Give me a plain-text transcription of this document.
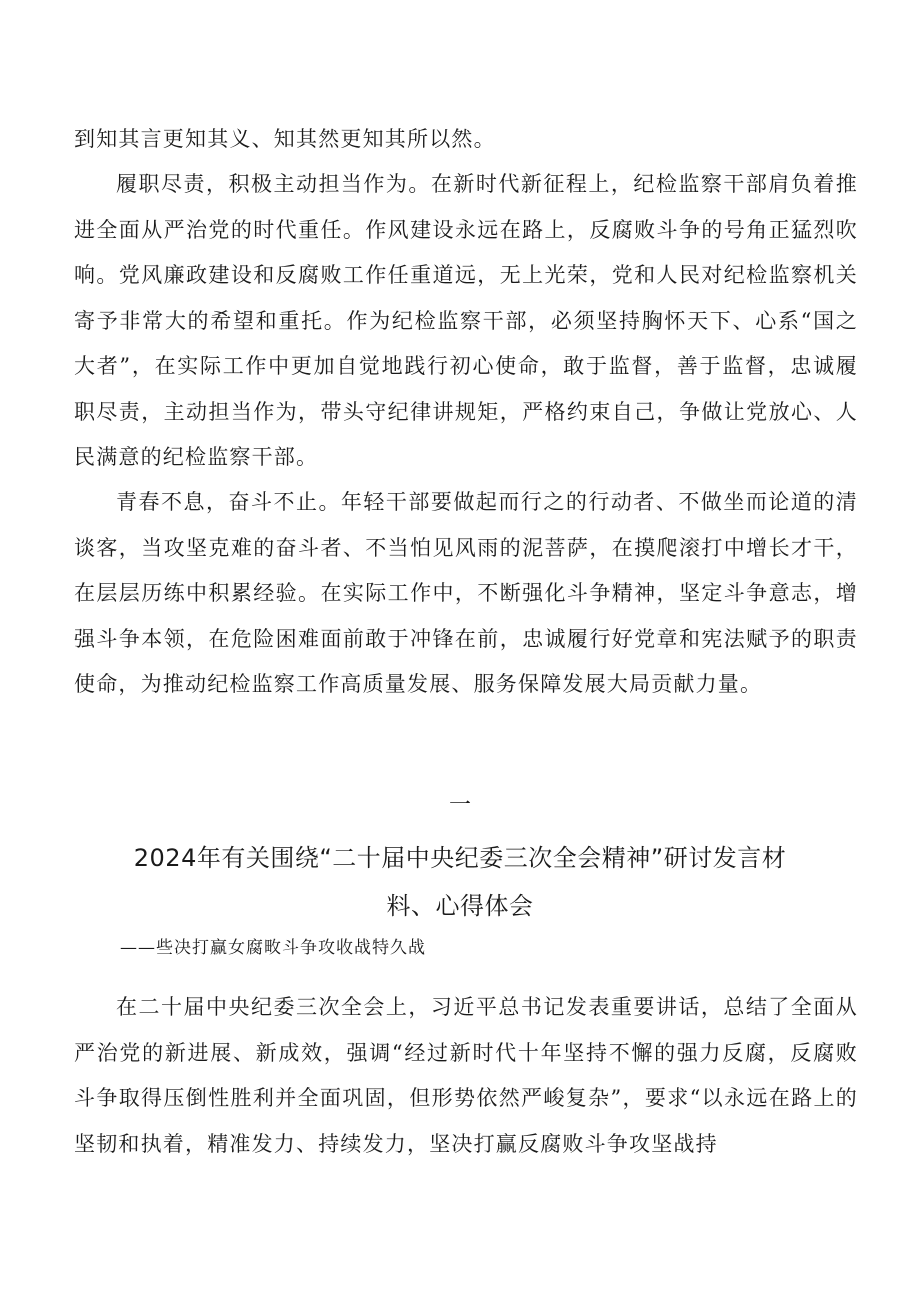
到知其言更知其义、知其然更知其所以然。

履职尽责，积极主动担当作为。在新时代新征程上，纪检监察干部肩负着推进全面从严治党的时代重任。作风建设永远在路上，反腐败斗争的号角正猛烈吹响。党风廉政建设和反腐败工作任重道远，无上光荣，党和人民对纪检监察机关寄予非常大的希望和重托。作为纪检监察干部，必须坚持胸怀天下、心系“国之大者”，在实际工作中更加自觉地践行初心使命，敢于监督，善于监督，忠诚履职尽责，主动担当作为，带头守纪律讲规矩，严格约束自己，争做让党放心、人民满意的纪检监察干部。

青春不息，奋斗不止。年轻干部要做起而行之的行动者、不做坐而论道的清谈客，当攻坚克难的奋斗者、不当怕见风雨的泥菩萨，在摸爬滚打中增长才干，在层层历练中积累经验。在实际工作中，不断强化斗争精神，坚定斗争意志，增强斗争本领，在危险困难面前敢于冲锋在前，忠诚履行好党章和宪法赋予的职责使命，为推动纪检监察工作高质量发展、服务保障发展大局贡献力量。

一
2024年有关围绕“二十届中央纪委三次全会精神”研讨发言材料、心得体会

——些决打赢女腐畋斗争攻收战特久战

在二十届中央纪委三次全会上，习近平总书记发表重要讲话，总结了全面从严治党的新进展、新成效，强调“经过新时代十年坚持不懈的强力反腐，反腐败斗争取得压倒性胜利并全面巩固，但形势依然严峻复杂”，要求“以永远在路上的坚韧和执着，精准发力、持续发力，坚决打赢反腐败斗争攻坚战持
